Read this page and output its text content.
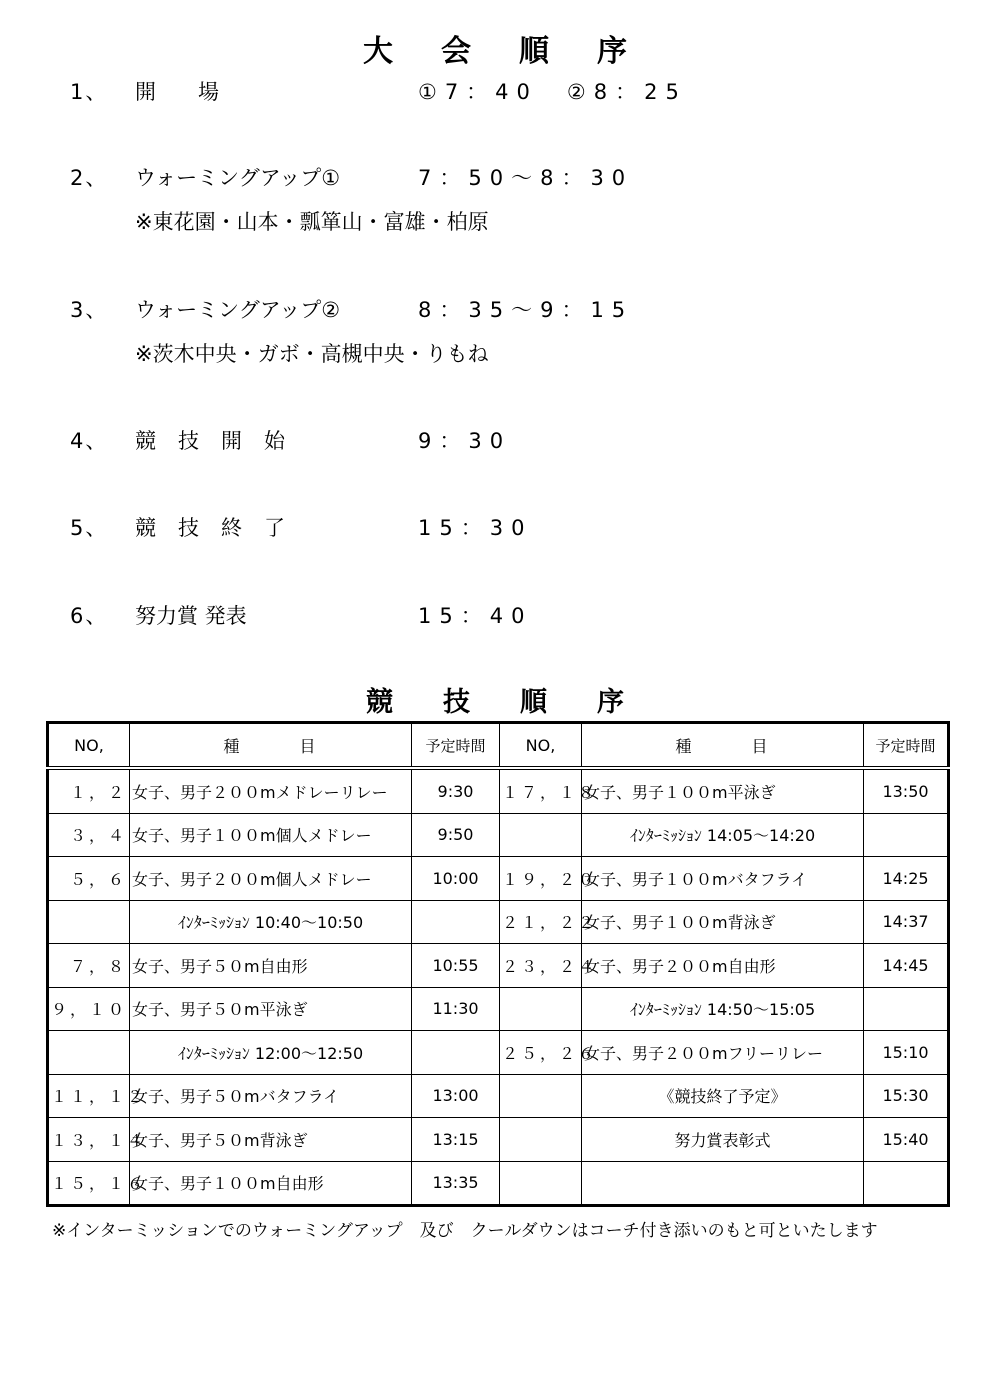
大会順序
1、 開　　場	①7：40　②8：25
2、 ウォーミングアップ①	7：50～8：30
※東花園・山本・瓢箪山・富雄・柏原
3、 ウォーミングアップ②	8：35～9：15
※茨木中央・ガボ・高槻中央・りもね
4、 競技開始	9：30
5、 競技終了	15：30
6、 努力賞 発表	15：40
競技順序
NO,	種目	予定時間	NO,	種目	予定時間
１，２	女子、男子２００mメドレーリレー	9:30	１７，１８	女子、男子１００m平泳ぎ	13:50
３，４	女子、男子１００m個人メドレー	9:50		ｲﾝﾀｰﾐｯｼｮﾝ 14:05～14:20	
５，６	女子、男子２００m個人メドレー	10:00	１９，２０	女子、男子１００mバタフライ	14:25
	ｲﾝﾀｰﾐｯｼｮﾝ 10:40～10:50		２１，２２	女子、男子１００m背泳ぎ	14:37
７，８	女子、男子５０m自由形	10:55	２３，２４	女子、男子２００m自由形	14:45
９，１０	女子、男子５０m平泳ぎ	11:30		ｲﾝﾀｰﾐｯｼｮﾝ 14:50～15:05	
	ｲﾝﾀｰﾐｯｼｮﾝ 12:00～12:50		２５，２６	女子、男子２００mフリーリレー	15:10
１１，１２	女子、男子５０mバタフライ	13:00		《競技終了予定》	15:30
１３，１４	女子、男子５０m背泳ぎ	13:15		努力賞表彰式	15:40
１５，１６	女子、男子１００m自由形	13:35			
※インターミッションでのウォーミングアップ　及び　クールダウンはコーチ付き添いのもと可といたします
